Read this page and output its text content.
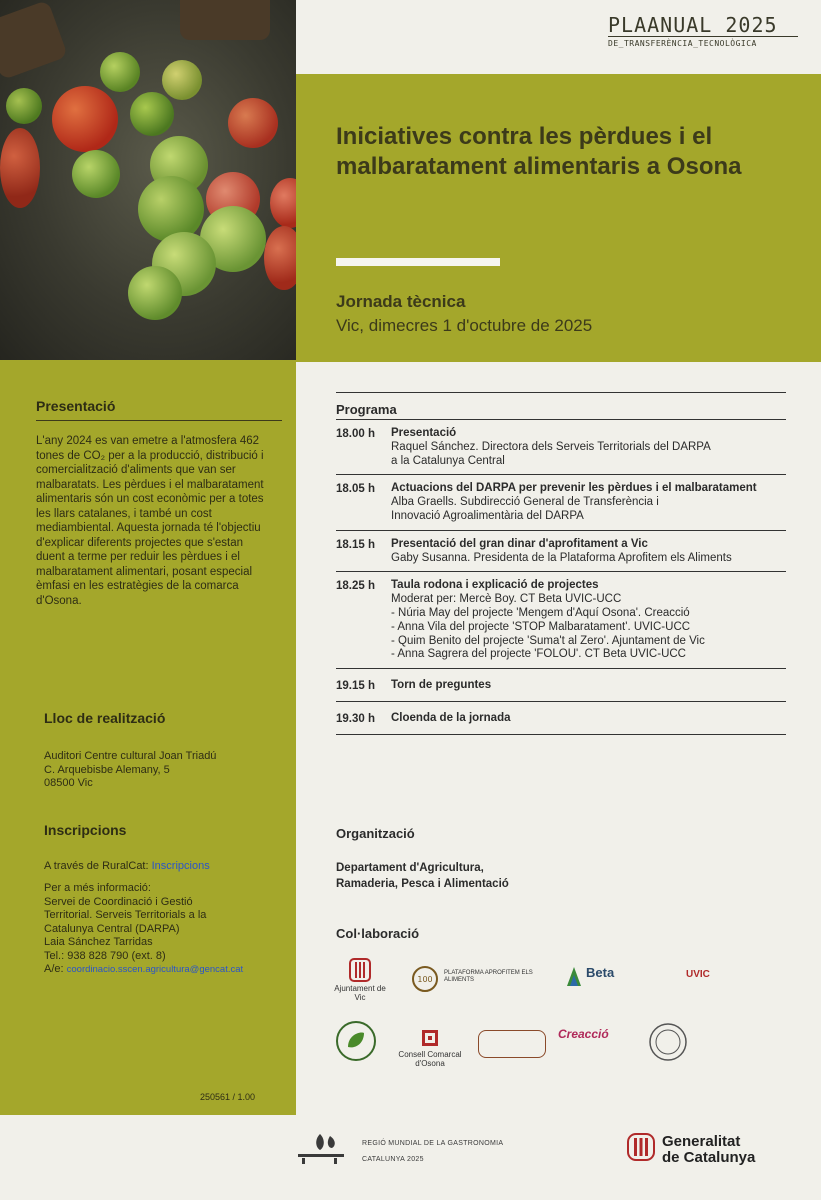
PLAANUAL 2025
DE_TRANSFERÈNCIA_TECNOLÒGICA
Iniciatives contra les pèrdues i el malbaratament alimentaris a Osona
Jornada tècnica
Vic, dimecres 1 d'octubre de 2025
Presentació
L'any 2024 es van emetre a l'atmosfera 462 tones de CO₂ per a la producció, distribució i comercialització d'aliments que van ser malbaratats. Les pèrdues i el malbaratament alimentaris són un cost econòmic per a totes les llars catalanes, i també un cost mediambiental. Aquesta jornada té l'objectiu d'explicar diferents projectes que s'estan duent a terme per reduir les pèrdues i el malbaratament alimentari, posant especial èmfasi en les estratègies de la comarca d'Osona.
Lloc de realització
Auditori Centre cultural Joan Triadú
C. Arquebisbe Alemany, 5
08500 Vic
Inscripcions
A través de RuralCat: Inscripcions
Per a més informació:
Servei de Coordinació i Gestió
Territorial. Serveis Territorials a la
Catalunya Central (DARPA)
Laia Sánchez Tarridas
Tel.: 938 828 790 (ext. 8)
A/e: coordinacio.sscen.agricultura@gencat.cat
250561 / 1.00
Programa
18.00 h	Presentació
Raquel Sánchez. Directora dels Serveis Territorials del DARPA
a la Catalunya Central
18.05 h	Actuacions del DARPA per prevenir les pèrdues i el malbaratament
Alba Graells. Subdirecció General de Transferència i
Innovació Agroalimentària del DARPA
18.15 h	Presentació del gran dinar d'aprofitament a Vic
Gaby Susanna. Presidenta de la Plataforma Aprofitem els Aliments
18.25 h	Taula rodona i explicació de projectes
Moderat per: Mercè Boy. CT Beta UVIC-UCC
- Núria May del projecte 'Mengem d'Aquí Osona'. Creacció
- Anna Vila del projecte 'STOP Malbaratament'. UVIC-UCC
- Quim Benito del projecte 'Suma't al Zero'. Ajuntament de Vic
- Anna Sagrera del projecte 'FOLOU'. CT Beta UVIC-UCC
19.15 h	Torn de preguntes
19.30 h	Cloenda de la jornada
Organització
Departament d'Agricultura,
Ramaderia, Pesca i Alimentació
Col·laboració
Ajuntament de Vic
100
PLATAFORMA APROFITEM ELS ALIMENTS	Beta	UVIC
Consell Comarcal d'Osona
Creacció
REGIÓ MUNDIAL DE LA GASTRONOMIA
CATALUNYA 2025
Generalitat
de Catalunya
